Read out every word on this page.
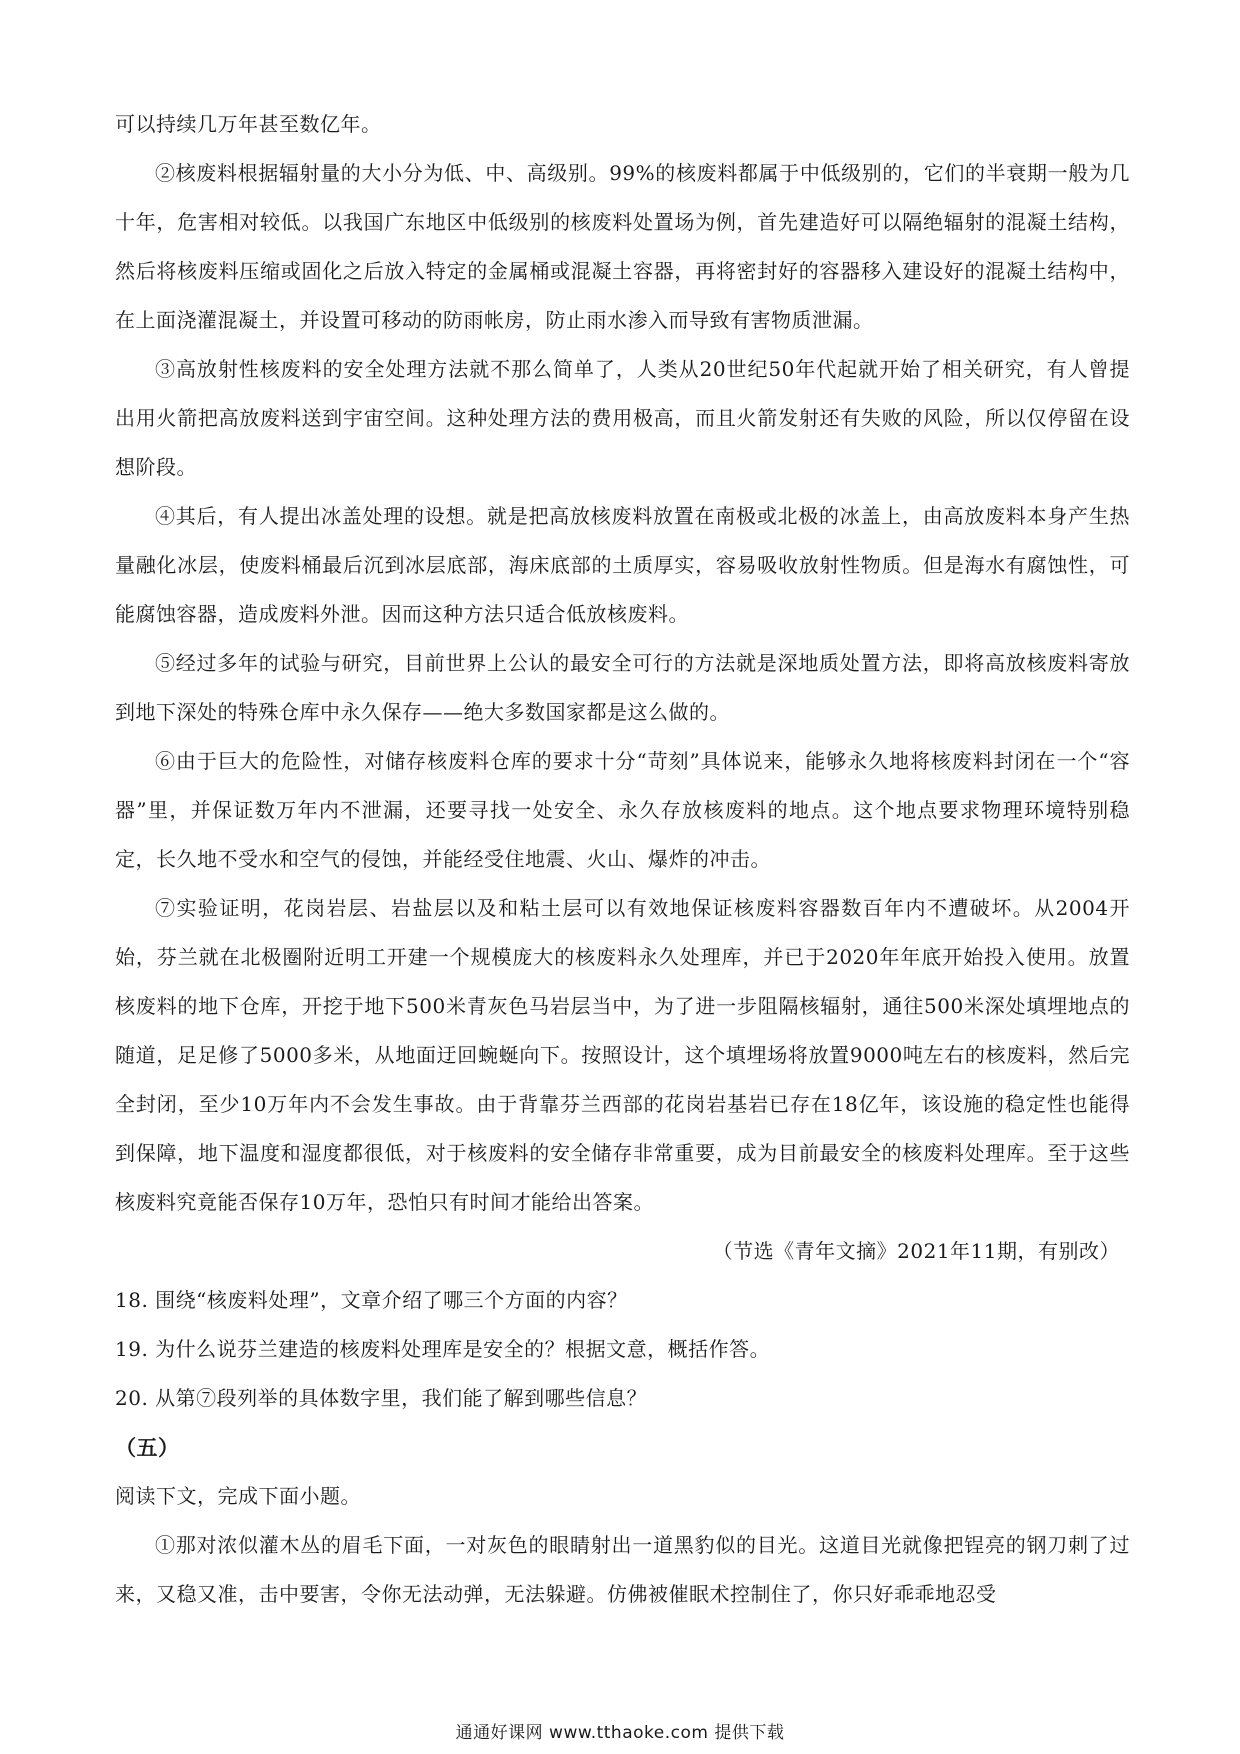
可以持续几万年甚至数亿年。

②核废料根据辐射量的大小分为低、中、高级别。99%的核废料都属于中低级别的，它们的半衰期一般为几十年，危害相对较低。以我国广东地区中低级别的核废料处置场为例，首先建造好可以隔绝辐射的混凝土结构，然后将核废料压缩或固化之后放入特定的金属桶或混凝土容器，再将密封好的容器移入建设好的混凝土结构中，在上面浇灌混凝土，并设置可移动的防雨帐房，防止雨水渗入而导致有害物质泄漏。

③高放射性核废料的安全处理方法就不那么简单了，人类从20世纪50年代起就开始了相关研究，有人曾提出用火箭把高放废料送到宇宙空间。这种处理方法的费用极高，而且火箭发射还有失败的风险，所以仅停留在设想阶段。

④其后，有人提出冰盖处理的设想。就是把高放核废料放置在南极或北极的冰盖上，由高放废料本身产生热量融化冰层，使废料桶最后沉到冰层底部，海床底部的土质厚实，容易吸收放射性物质。但是海水有腐蚀性，可能腐蚀容器，造成废料外泄。因而这种方法只适合低放核废料。

⑤经过多年的试验与研究，目前世界上公认的最安全可行的方法就是深地质处置方法，即将高放核废料寄放到地下深处的特殊仓库中永久保存——绝大多数国家都是这么做的。

⑥由于巨大的危险性，对储存核废料仓库的要求十分“苛刻”具体说来，能够永久地将核废料封闭在一个“容器”里，并保证数万年内不泄漏，还要寻找一处安全、永久存放核废料的地点。这个地点要求物理环境特别稳定，长久地不受水和空气的侵蚀，并能经受住地震、火山、爆炸的冲击。

⑦实验证明，花岗岩层、岩盐层以及和粘土层可以有效地保证核废料容器数百年内不遭破坏。从2004开始，芬兰就在北极圈附近明工开建一个规模庞大的核废料永久处理库，并已于2020年年底开始投入使用。放置核废料的地下仓库，开挖于地下500米青灰色马岩层当中，为了进一步阻隔核辐射，通往500米深处填埋地点的随道，足足修了5000多米，从地面迂回蜿蜒向下。按照设计，这个填埋场将放置9000吨左右的核废料，然后完全封闭，至少10万年内不会发生事故。由于背靠芬兰西部的花岗岩基岩已存在18亿年，该设施的稳定性也能得到保障，地下温度和湿度都很低，对于核废料的安全储存非常重要，成为目前最安全的核废料处理库。至于这些核废料究竟能否保存10万年，恐怕只有时间才能给出答案。

（节选《青年文摘》2021年11期，有别改）

18. 围绕“核废料处理”，文章介绍了哪三个方面的内容？

19. 为什么说芬兰建造的核废料处理库是安全的？根据文意，概括作答。

20. 从第⑦段列举的具体数字里，我们能了解到哪些信息？

（五）

阅读下文，完成下面小题。

①那对浓似灌木丛的眉毛下面，一对灰色的眼睛射出一道黑豹似的目光。这道目光就像把锃亮的钢刀刺了过来，又稳又准，击中要害，令你无法动弹，无法躲避。仿佛被催眠术控制住了，你只好乖乖地忍受

通通好课网 www.tthaoke.com 提供下载
